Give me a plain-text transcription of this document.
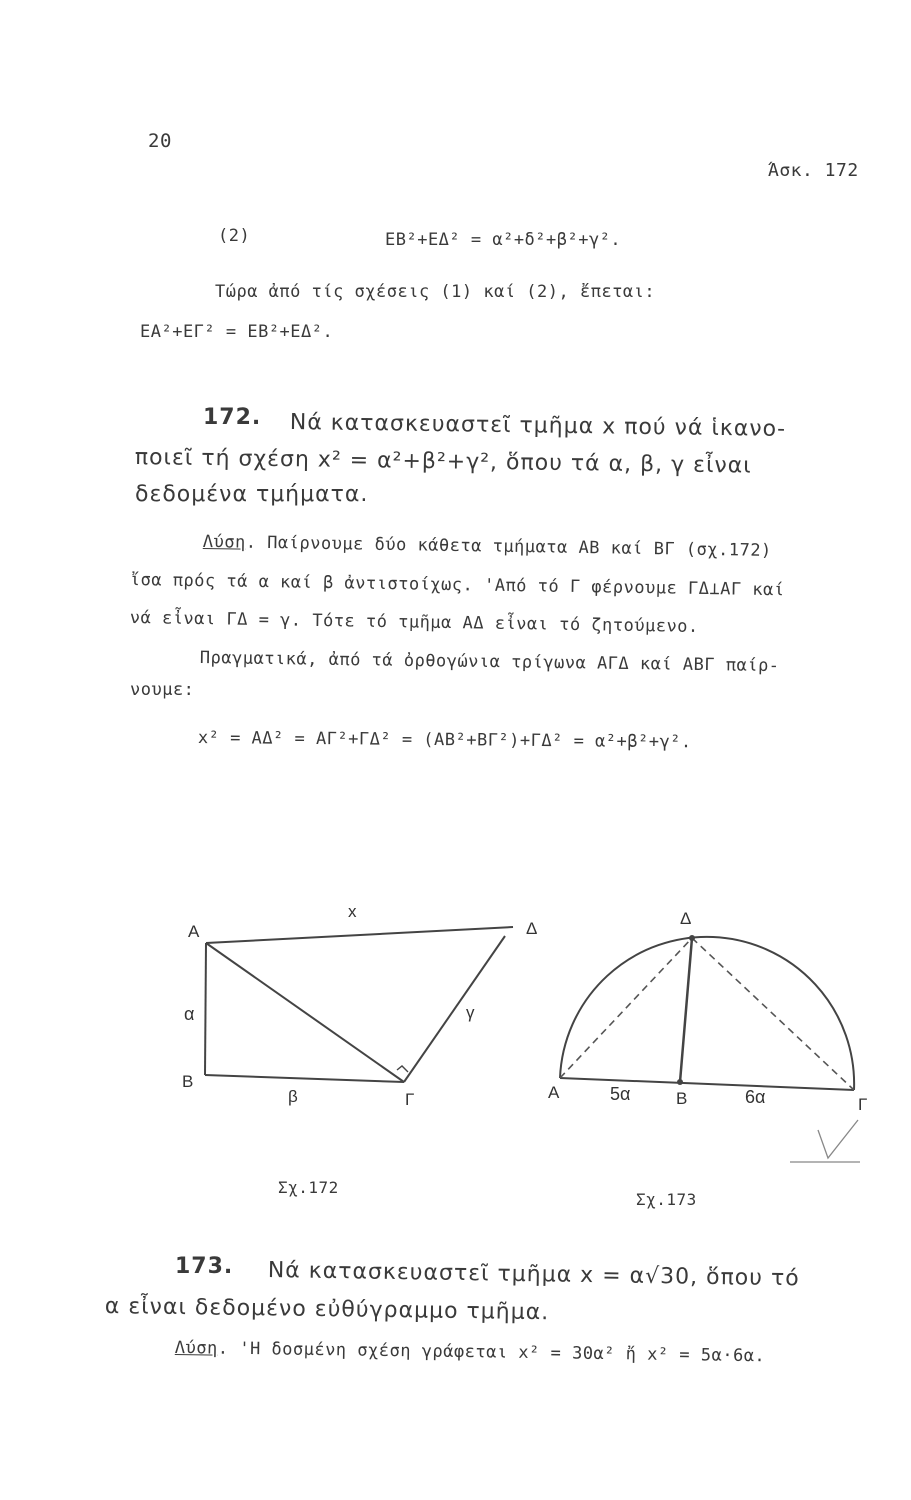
20
Άσκ. 172
(2)	EB²+EΔ² = α²+δ²+β²+γ².
Τώρα ἀπό τίς σχέσεις (1) καί (2), ἔπεται:
EA²+EΓ² = EB²+EΔ².
172. Νά κατασκευαστεῖ τμῆμα x πού νά ἱκανο-
ποιεῖ τή σχέση x² = α²+β²+γ², ὅπου τά α, β, γ εἶναι
δεδομένα τμήματα.
Λύση. Παίρνουμε δύο κάθετα τμήματα AB καί BΓ (σχ.172)
ἴσα πρός τά α καί β ἀντιστοίχως. 'Από τό Γ φέρνουμε ΓΔ⊥AΓ καί
νά εἶναι ΓΔ = γ. Τότε τό τμῆμα AΔ εἶναι τό ζητούμενο.
Πραγματικά, ἀπό τά ὀρθογώνια τρίγωνα AΓΔ καί ABΓ παίρ-
νουμε:
x² = AΔ² = AΓ²+ΓΔ² = (AB²+BΓ²)+ΓΔ² = α²+β²+γ².
A	Δ
B
Γ
x
α
β
γ
Σχ.172
Δ
A	B	Γ
5α	6α
Σχ.173
173. Νά κατασκευαστεῖ τμῆμα x = α√30, ὅπου τό
α εἶναι δεδομένο εὐθύγραμμο τμῆμα.
Λύση. 'Η δοσμένη σχέση γράφεται x² = 30α² ἤ x² = 5α·6α.
